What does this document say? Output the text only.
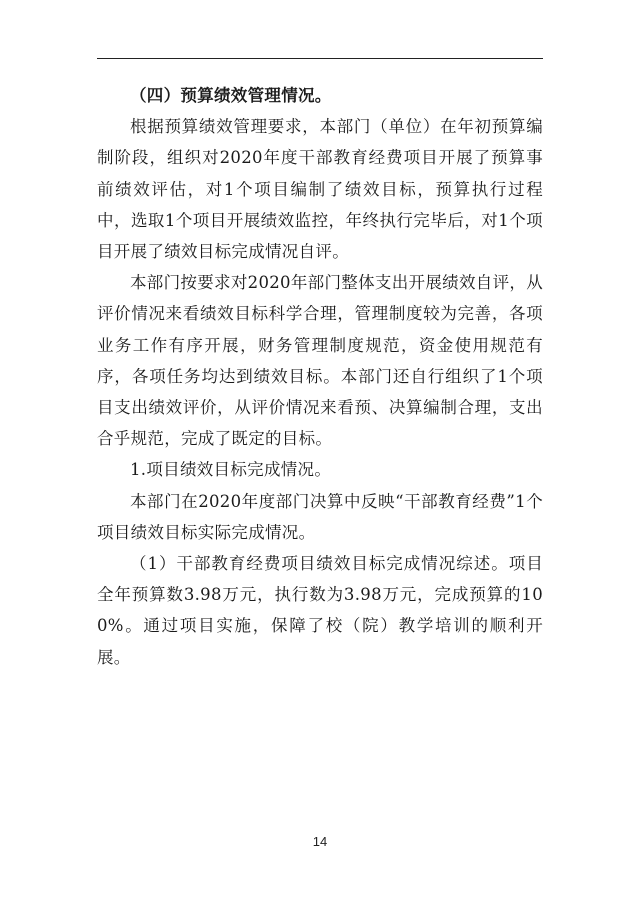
（四）预算绩效管理情况。

根据预算绩效管理要求，本部门（单位）在年初预算编制阶段，组织对2020年度干部教育经费项目开展了预算事前绩效评估，对1个项目编制了绩效目标，预算执行过程中，选取1个项目开展绩效监控，年终执行完毕后，对1个项目开展了绩效目标完成情况自评。

本部门按要求对2020年部门整体支出开展绩效自评，从评价情况来看绩效目标科学合理，管理制度较为完善，各项业务工作有序开展，财务管理制度规范，资金使用规范有序，各项任务均达到绩效目标。本部门还自行组织了1个项目支出绩效评价，从评价情况来看预、决算编制合理，支出合乎规范，完成了既定的目标。

1.项目绩效目标完成情况。

本部门在2020年度部门决算中反映“干部教育经费”1个项目绩效目标实际完成情况。

（1）干部教育经费项目绩效目标完成情况综述。项目全年预算数3.98万元，执行数为3.98万元，完成预算的100%。通过项目实施，保障了校（院）教学培训的顺利开展。

14
